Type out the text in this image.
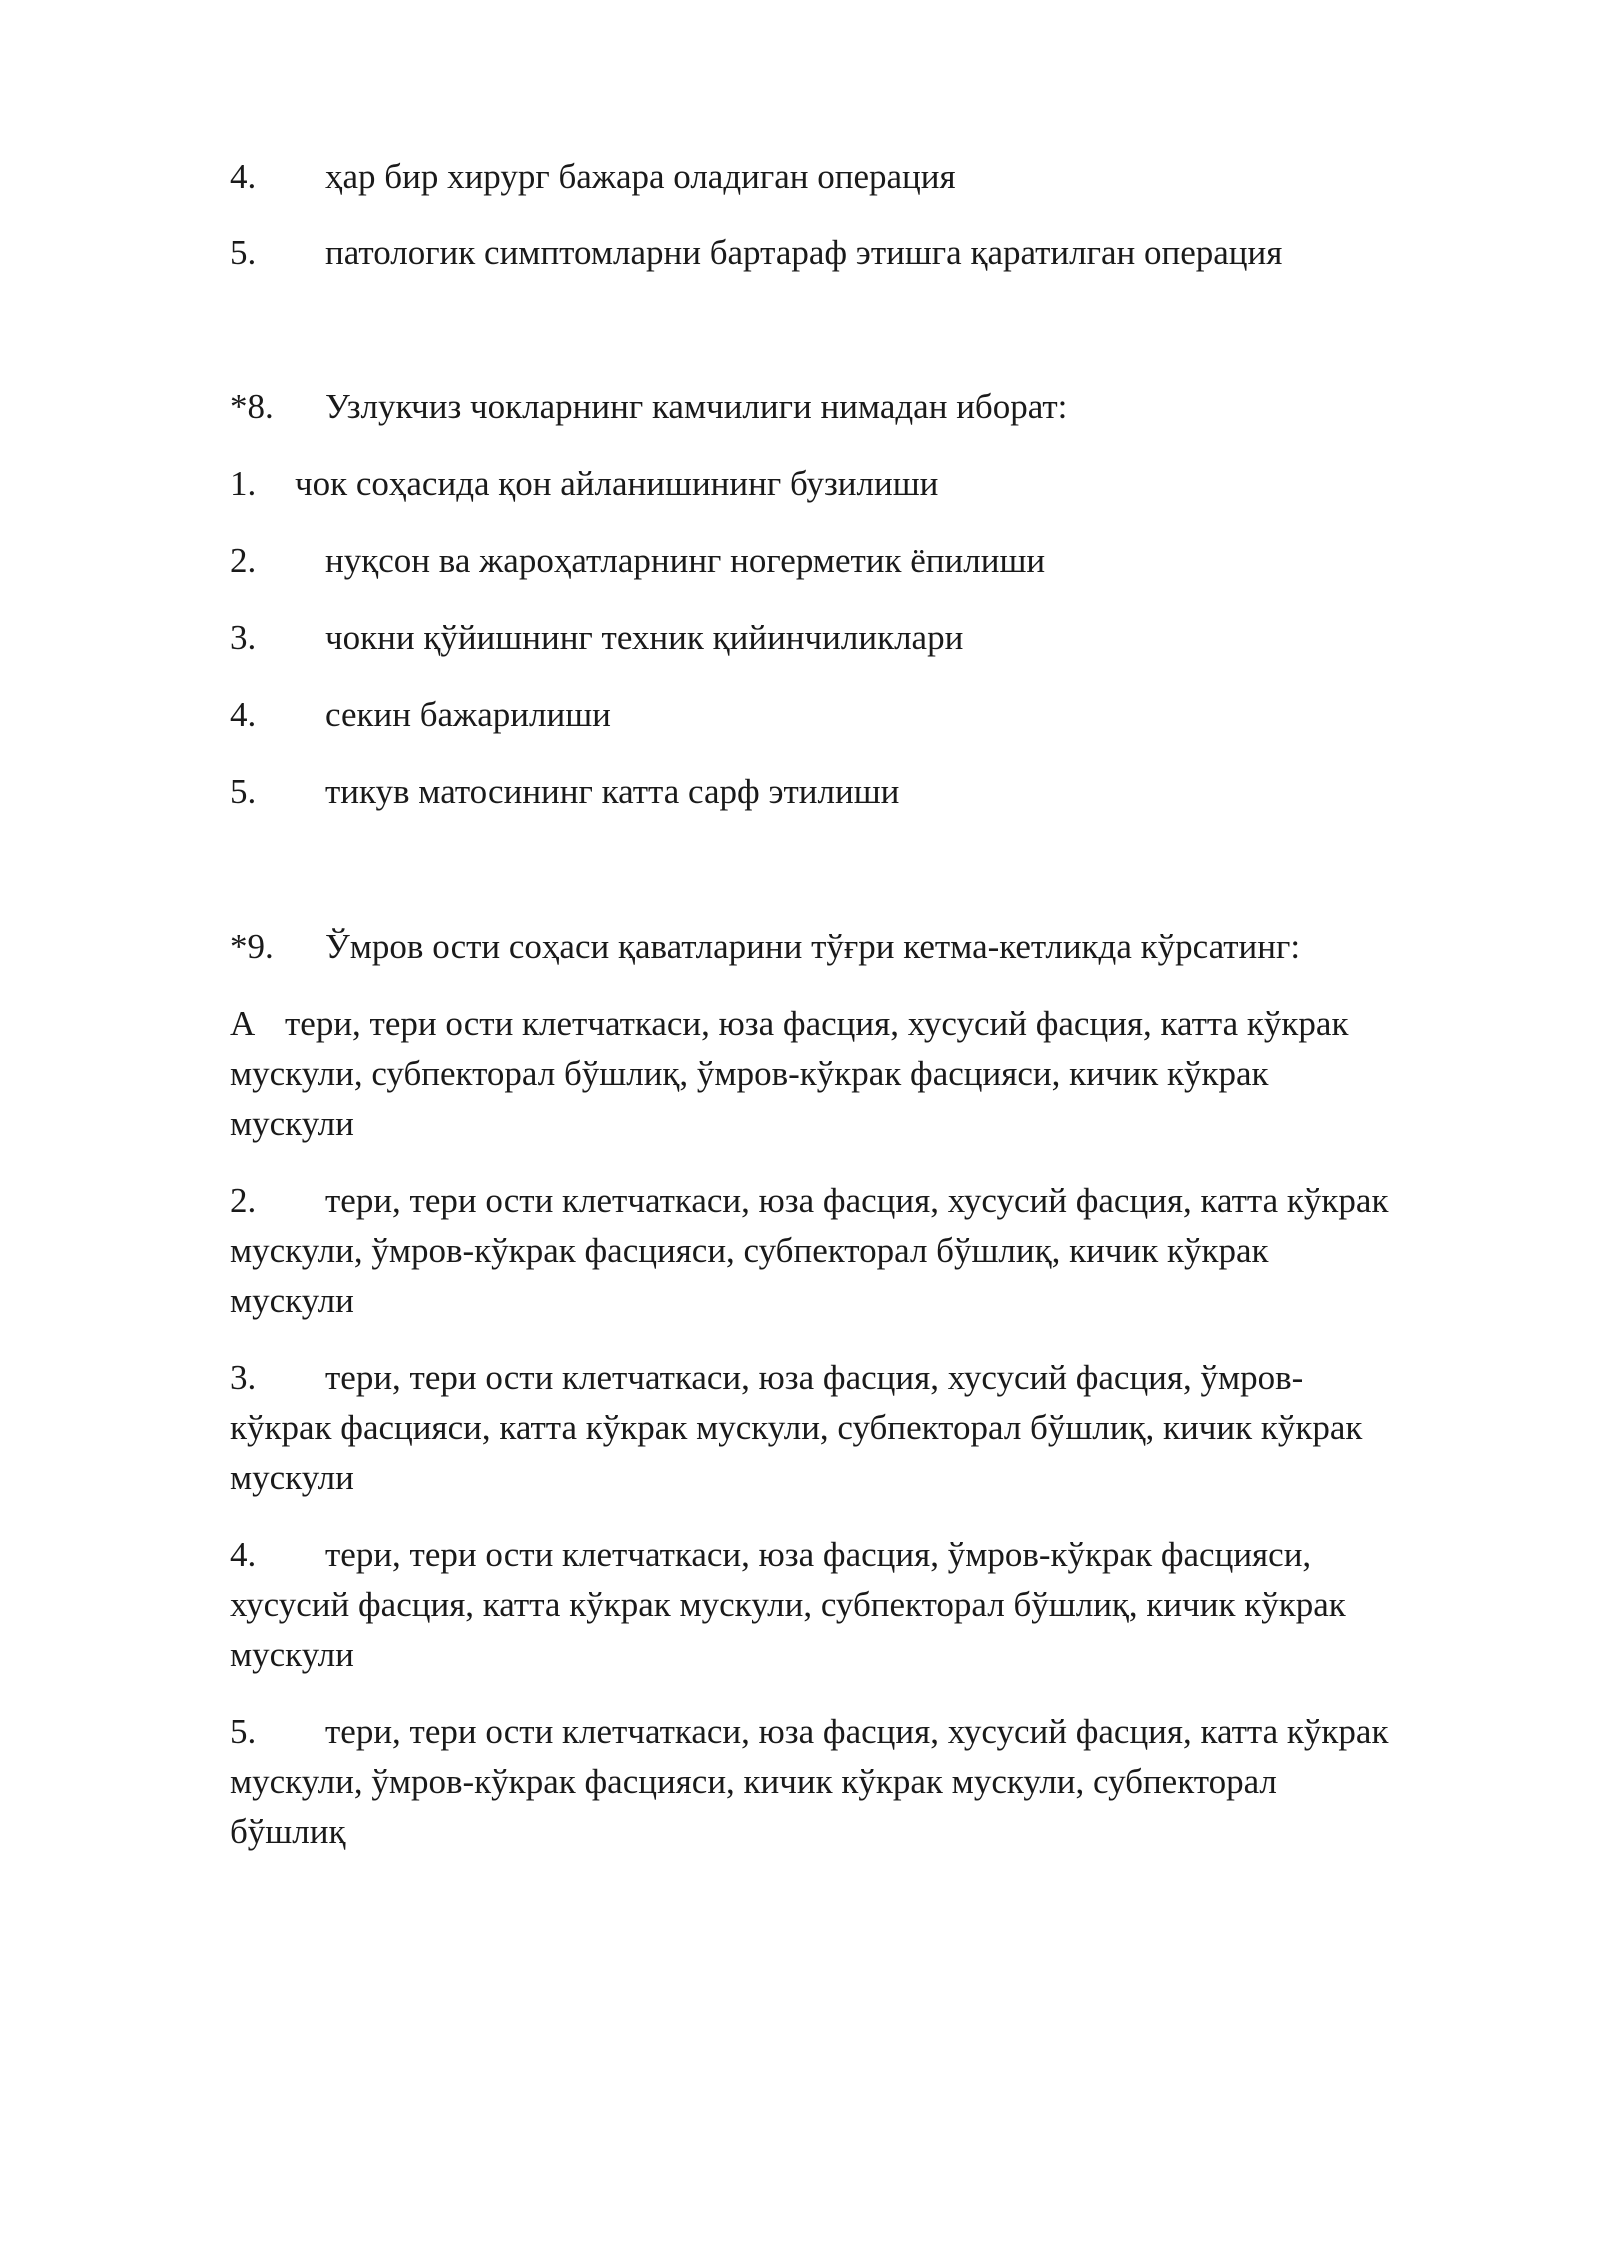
4. ҳар бир хирург бажара оладиган операция
5. патологик симптомларни бартараф этишга қаратилган операция
*8. Узлукчиз чокларнинг камчилиги нимадан иборат:
1. чок соҳасида қон айланишининг бузилиши
2. нуқсон ва жароҳатларнинг ногерметик ёпилиши
3. чокни қўйишнинг техник қийинчиликлари
4. секин бажарилиши
5. тикув матосининг катта сарф этилиши
*9. Ўмров ости соҳаси қаватларини тўғри кетма-кетликда кўрсатинг:
A тери, тери ости клетчаткаси, юза фасция, хусусий фасция, катта кўкрак
мускули, субпекторал бўшлиқ, ўмров-кўкрак фасцияси, кичик кўкрак
мускули
2. тери, тери ости клетчаткаси, юза фасция, хусусий фасция, катта кўкрак
мускули, ўмров-кўкрак фасцияси, субпекторал бўшлиқ, кичик кўкрак
мускули
3. тери, тери ости клетчаткаси, юза фасция, хусусий фасция, ўмров-
кўкрак фасцияси, катта кўкрак мускули, субпекторал бўшлиқ, кичик кўкрак
мускули
4. тери, тери ости клетчаткаси, юза фасция, ўмров-кўкрак фасцияси,
хусусий фасция, катта кўкрак мускули, субпекторал бўшлиқ, кичик кўкрак
мускули
5. тери, тери ости клетчаткаси, юза фасция, хусусий фасция, катта кўкрак
мускули, ўмров-кўкрак фасцияси, кичик кўкрак мускули, субпекторал
бўшлиқ
